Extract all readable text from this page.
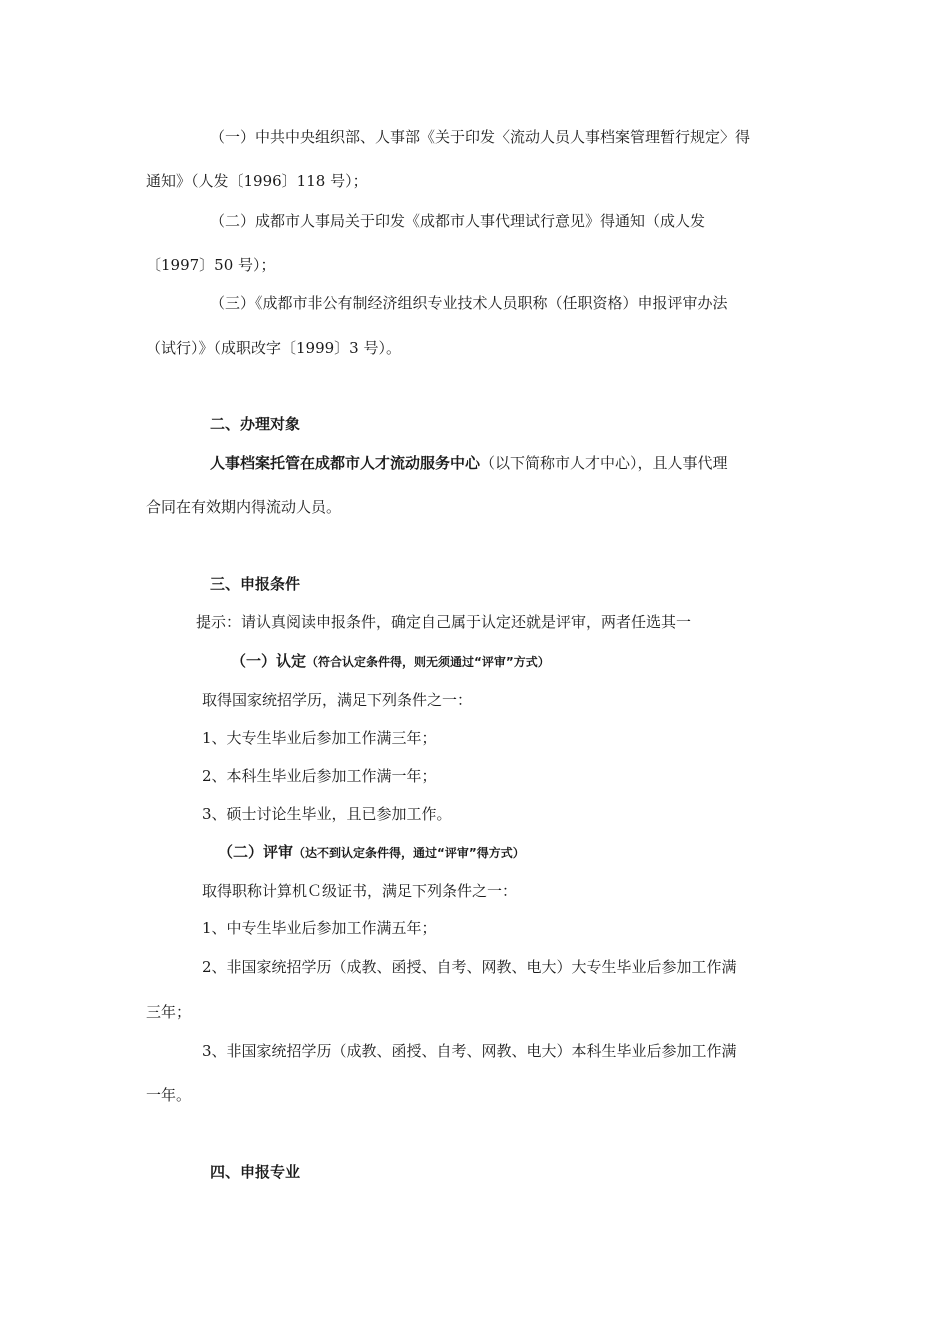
（一）中共中央组织部、人事部《关于印发〈流动人员人事档案管理暂行规定〉得
通知》（人发〔1996〕118 号）；
（二）成都市人事局关于印发《成都市人事代理试行意见》得通知（成人发
〔1997〕50 号）；
（三）《成都市非公有制经济组织专业技术人员职称（任职资格）申报评审办法
（试行）》（成职改字〔1999〕3 号）。
二、办理对象
人事档案托管在成都市人才流动服务中心（以下简称市人才中心），且人事代理
合同在有效期内得流动人员。
三、申报条件
提示：请认真阅读申报条件，确定自己属于认定还就是评审，两者任选其一
（一）认定（符合认定条件得，则无须通过“评审”方式）
取得国家统招学历，满足下列条件之一：
1、大专生毕业后参加工作满三年；
2、本科生毕业后参加工作满一年；
3、硕士讨论生毕业，且已参加工作。
（二）评审（达不到认定条件得，通过“评审”得方式）
取得职称计算机Ｃ级证书，满足下列条件之一：
1、中专生毕业后参加工作满五年；
2、非国家统招学历（成教、函授、自考、网教、电大）大专生毕业后参加工作满
三年；
3、非国家统招学历（成教、函授、自考、网教、电大）本科生毕业后参加工作满
一年。
四、申报专业
